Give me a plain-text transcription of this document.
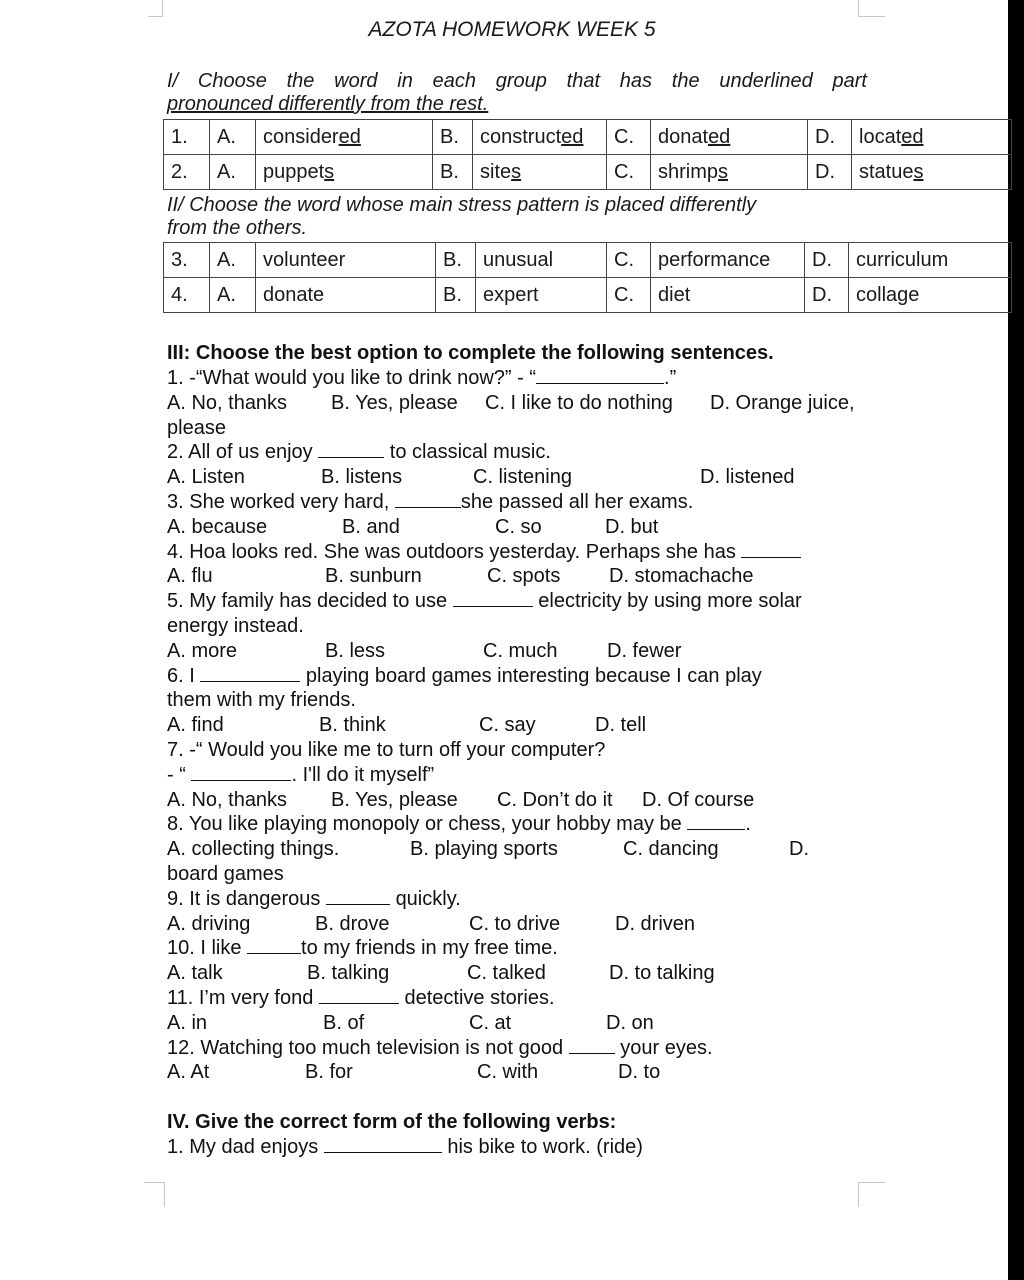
AZOTA HOMEWORK WEEK 5
I/ Choose the word in each group that has the underlined part
pronounced differently from the rest.
1.	A.	considered	B.	constructed	C.	donated	D.	located
2.	A.	puppets	B.	sites	C.	shrimps	D.	statues
II/ Choose the word whose main stress pattern is placed differently
from the others.
3.	A.	volunteer	B.	unusual	C.	performance	D.	curriculum
4.	A.	donate	B.	expert	C.	diet	D.	collage
III: Choose the best option to complete the following sentences.
1. -“What would you like to drink now?” - “	.”
A. No, thanks B. Yes, please C. I like to do nothing D. Orange juice,
please
2. All of us enjoy	to classical music.
A. Listen	B. listens	C. listening	D. listened
3. She worked very hard,	she passed all her exams.
A. because	B. and	C. so	D. but
4. Hoa looks red. She was outdoors yesterday. Perhaps she has
A. flu	B. sunburn	C. spots D. stomachache
5. My family has decided to use	electricity by using more solar
energy instead.
A. more	B. less	C. much D. fewer
6. I	playing board games interesting because I can play
them with my friends.
A. find	B. think	C. say	D. tell
7. -“ Would you like me to turn off your computer?
- “	. I'll do it myself”
A. No, thanks B. Yes, please C. Don’t do it D. Of course
8. You like playing monopoly or chess, your hobby may be	.
A. collecting things.	B. playing sports	C. dancing	D.
board games
9. It is dangerous	quickly.
A. driving	B. drove	C. to drive	D. driven
10. I like	to my friends in my free time.
A. talk	B. talking	C. talked	D. to talking
11. I’m very fond	detective stories.
A. in	B. of	C. at	D. on
12. Watching too much television is not good	your eyes.
A. At	B. for	C. with	D. to
IV. Give the correct form of the following verbs:
1. My dad enjoys	his bike to work. (ride)
